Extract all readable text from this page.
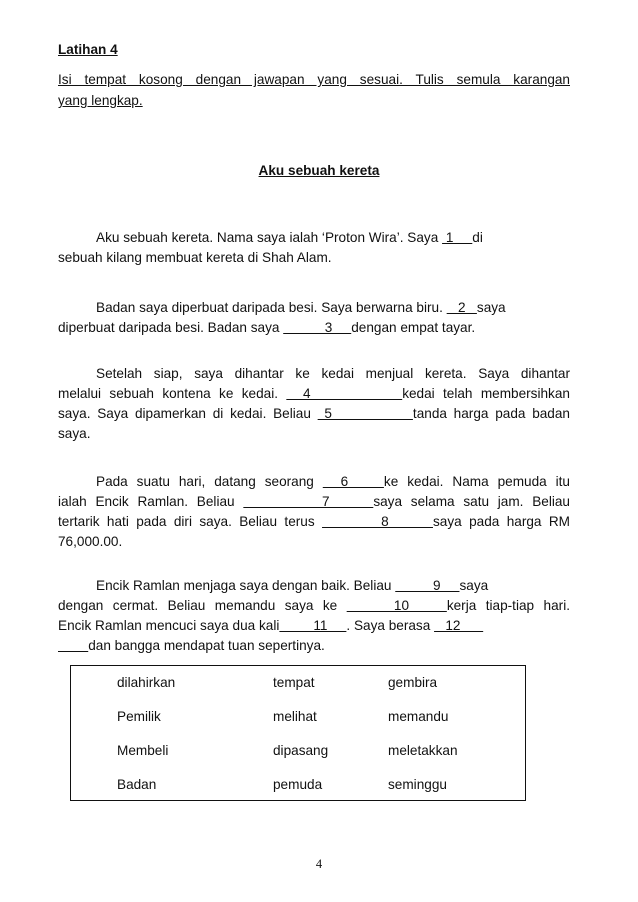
Latihan 4
Isi tempat kosong dengan jawapan yang sesuai. Tulis semula karangan
yang lengkap.
Aku sebuah kereta
Aku sebuah kereta. Nama saya ialah ‘Proton Wira’. Saya  1     di
sebuah kilang membuat kereta di Shah Alam.
Badan saya diperbuat daripada besi. Saya berwarna biru.    2   saya
diperbuat daripada besi. Badan saya            3     dengan empat tayar.
Setelah siap, saya dihantar ke kedai menjual kereta. Saya dihantar
melalui sebuah kontena ke kedai.   4           kedai telah membersihkan
saya. Saya dipamerkan di kedai. Beliau  5            tanda harga pada badan
saya.
Pada suatu hari, datang seorang   6    ke kedai. Nama pemuda itu
ialah Encik Ramlan. Beliau          7     saya selama satu jam. Beliau
tertarik hati pada diri saya. Beliau terus         8      saya pada harga RM
76,000.00.
Encik Ramlan menjaga saya dengan baik. Beliau           9     saya
dengan cermat. Beliau memandu saya ke      10    kerja tiap-tiap hari.
Encik Ramlan mencuci saya dua kali         11     . Saya berasa    12
dan bangga mendapat tuan sepertinya.
dilahirkan	tempat	gembira
Pemilik	melihat	memandu
Membeli	dipasang	meletakkan
Badan	pemuda	seminggu
4
